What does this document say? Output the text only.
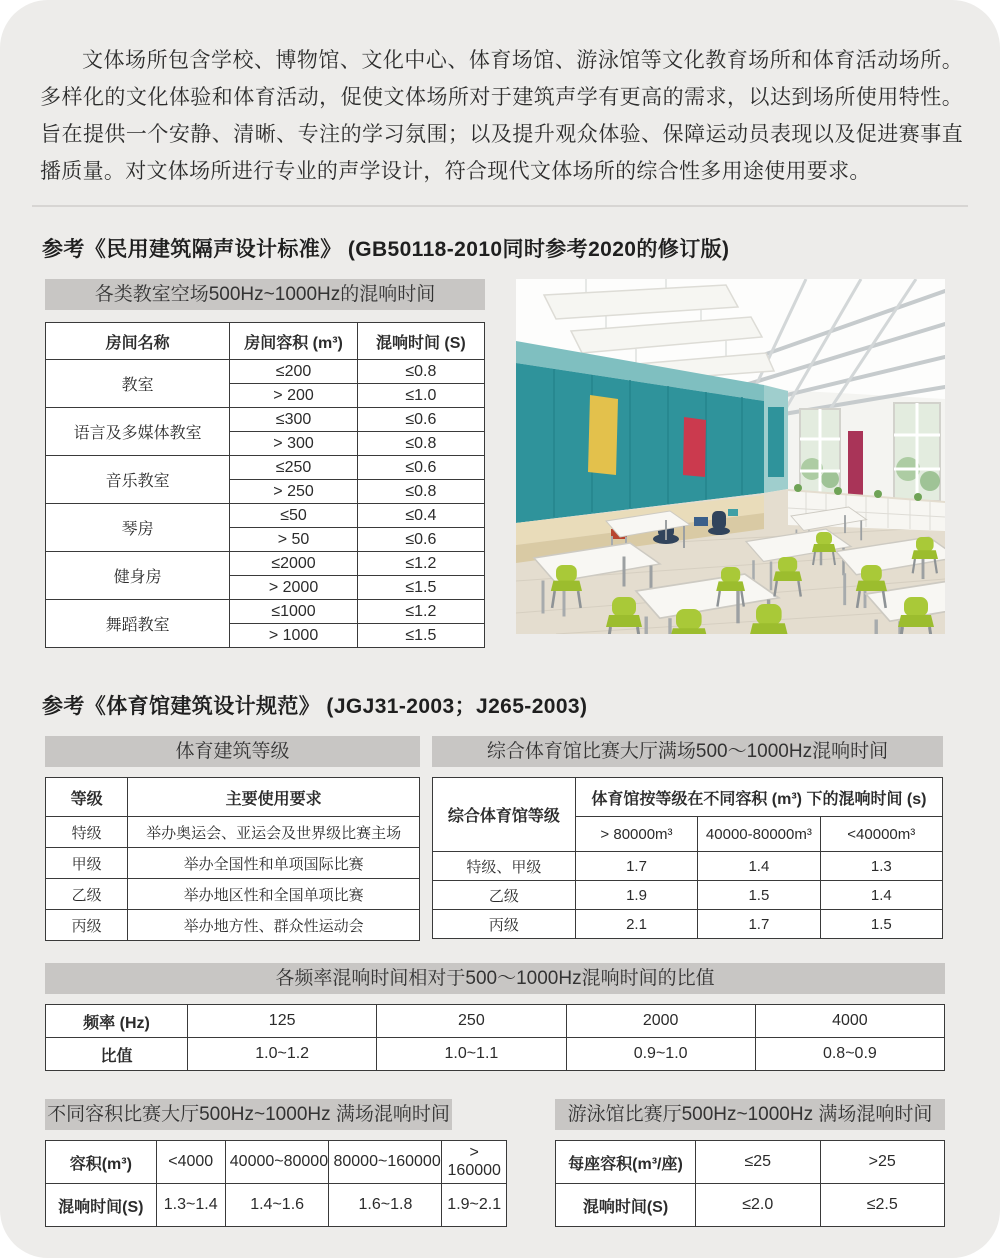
文体场所包含学校、博物馆、文化中心、体育场馆、游泳馆等文化教育场所和体育活动场所。多样化的文化体验和体育活动，促使文体场所对于建筑声学有更高的需求，以达到场所使用特性。旨在提供一个安静、清晰、专注的学习氛围；以及提升观众体验、保障运动员表现以及促进赛事直播质量。对文体场所进行专业的声学设计，符合现代文体场所的综合性多用途使用要求。

参考《民用建筑隔声设计标准》 (GB50118-2010同时参考2020的修订版)
各类教室空场500Hz~1000Hz的混响时间
房间名称	房间容积 (m³)	混响时间 (S)
教室	≤200	≤0.8
	> 200	≤1.0
语言及多媒体教室	≤300	≤0.6
	> 300	≤0.8
音乐教室	≤250	≤0.6
	> 250	≤0.8
琴房	≤50	≤0.4
	> 50	≤0.6
健身房	≤2000	≤1.2
	> 2000	≤1.5
舞蹈教室	≤1000	≤1.2
	> 1000	≤1.5
参考《体育馆建筑设计规范》 (JGJ31-2003；J265-2003)
体育建筑等级
等级	主要使用要求
特级	举办奥运会、亚运会及世界级比赛主场
甲级	举办全国性和单项国际比赛
乙级	举办地区性和全国单项比赛
丙级	举办地方性、群众性运动会
综合体育馆比赛大厅满场500～1000Hz混响时间
综合体育馆等级	体育馆按等级在不同容积 (m³) 下的混响时间 (s)		
	> 80000m³	40000-80000m³	<40000m³
特级、甲级	1.7	1.4	1.3
乙级	1.9	1.5	1.4
丙级	2.1	1.7	1.5
各频率混响时间相对于500～1000Hz混响时间的比值
频率 (Hz)	125	250	2000	4000
比值	1.0~1.2	1.0~1.1	0.9~1.0	0.8~0.9
不同容积比赛大厅500Hz~1000Hz 满场混响时间
容积(m³)	<4000	40000~80000	80000~160000	> 160000
混响时间(S)	1.3~1.4	1.4~1.6	1.6~1.8	1.9~2.1
游泳馆比赛厅500Hz~1000Hz 满场混响时间
每座容积(m³/座)	≤25	>25
混响时间(S)	≤2.0	≤2.5
